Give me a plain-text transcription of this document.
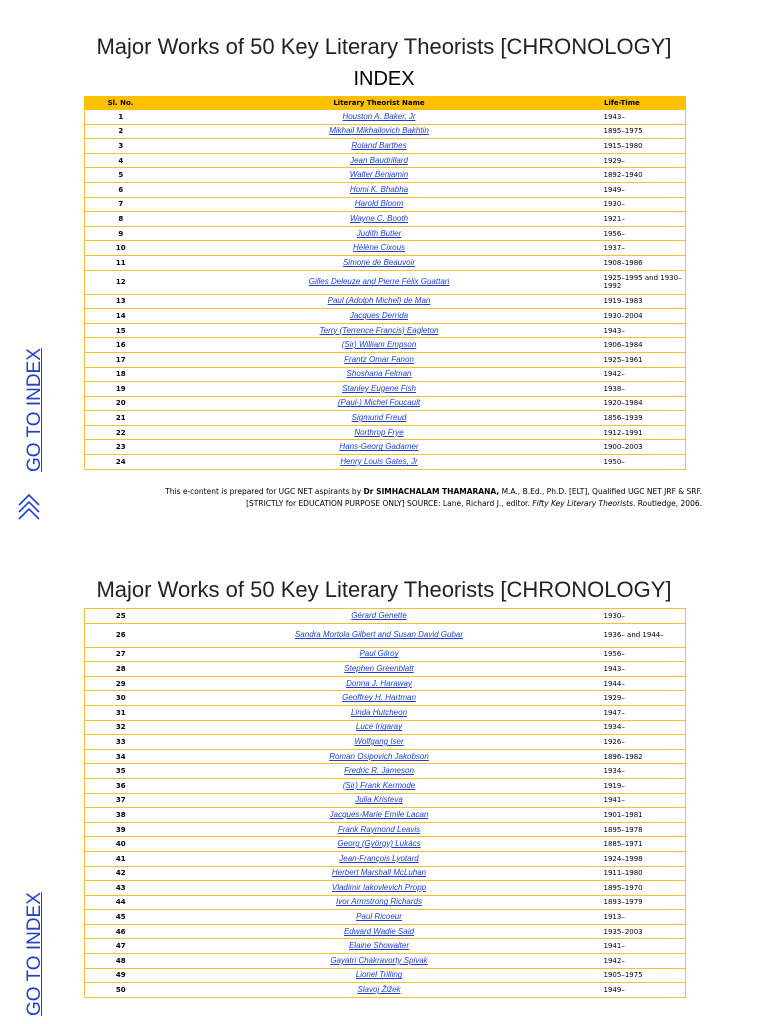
Major Works of 50 Key Literary Theorists [CHRONOLOGY]
INDEX
Sl. No.	Literary Theorist Name	Life-Time
1	Houston A. Baker, Jr	1943–
2	Mikhail Mikhailovich Bakhtin	1895–1975
3	Roland Barthes	1915–1980
4	Jean Baudrillard	1929–
5	Walter Benjamin	1892–1940
6	Homi K. Bhabha	1949–
7	Harold Bloom	1930–
8	Wayne C. Booth	1921–
9	Judith Butler	1956–
10	Hélène Cixous	1937–
11	Simone de Beauvoir	1908–1986
12	Gilles Deleuze and Pierre Félix Guattari	1925–1995 and 1930–1992
13	Paul (Adolph Michel) de Man	1919–1983
14	Jacques Derrida	1930–2004
15	Terry (Terrence Francis) Eagleton	1943–
16	(Sir) William Empson	1906–1984
17	Frantz Omar Fanon	1925–1961
18	Shoshana Felman	1942–
19	Stanley Eugene Fish	1938–
20	(Paul-) Michel Foucault	1920–1984
21	Sigmund Freud	1856–1939
22	Northrop Frye	1912–1991
23	Hans-Georg Gadamer	1900–2003
24	Henry Louis Gates, Jr	1950–
This e-content is prepared for UGC NET aspirants by Dr SIMHACHALAM THAMARANA, M.A., B.Ed., Ph.D. [ELT], Qualified UGC NET JRF & SRF.
[STRICTLY for EDUCATION PURPOSE ONLY] SOURCE: Lane, Richard J., editor. Fifty Key Literary Theorists. Routledge, 2006.
GO TO INDEX
Major Works of 50 Key Literary Theorists [CHRONOLOGY]
25	Gérard Genette	1930–
26	Sandra Mortola Gilbert and Susan David Gubar	1936– and 1944–
27	Paul Gilroy	1956–
28	Stephen Greenblatt	1943–
29	Donna J. Haraway	1944–
30	Geoffrey H. Hartman	1929–
31	Linda Hutcheon	1947–
32	Luce Irigaray	1934–
33	Wolfgang Iser	1926–
34	Roman Osipovich Jakobson	1896–1982
35	Fredric R. Jameson	1934–
36	(Sir) Frank Kermode	1919–
37	Julia Kristeva	1941–
38	Jacques-Marie Emile Lacan	1901–1981
39	Frank Raymond Leavis	1895–1978
40	Georg (György) Lukács	1885–1971
41	Jean-François Lyotard	1924–1998
42	Herbert Marshall McLuhan	1911–1980
43	Vladimir Iakovlevich Propp	1895–1970
44	Ivor Armstrong Richards	1893–1979
45	Paul Ricoeur	1913–
46	Edward Wadie Said	1935–2003
47	Elaine Showalter	1941–
48	Gayatri Chakravorty Spivak	1942–
49	Lionel Trilling	1905–1975
50	Slavoj Žižek	1949–
GO TO INDEX
